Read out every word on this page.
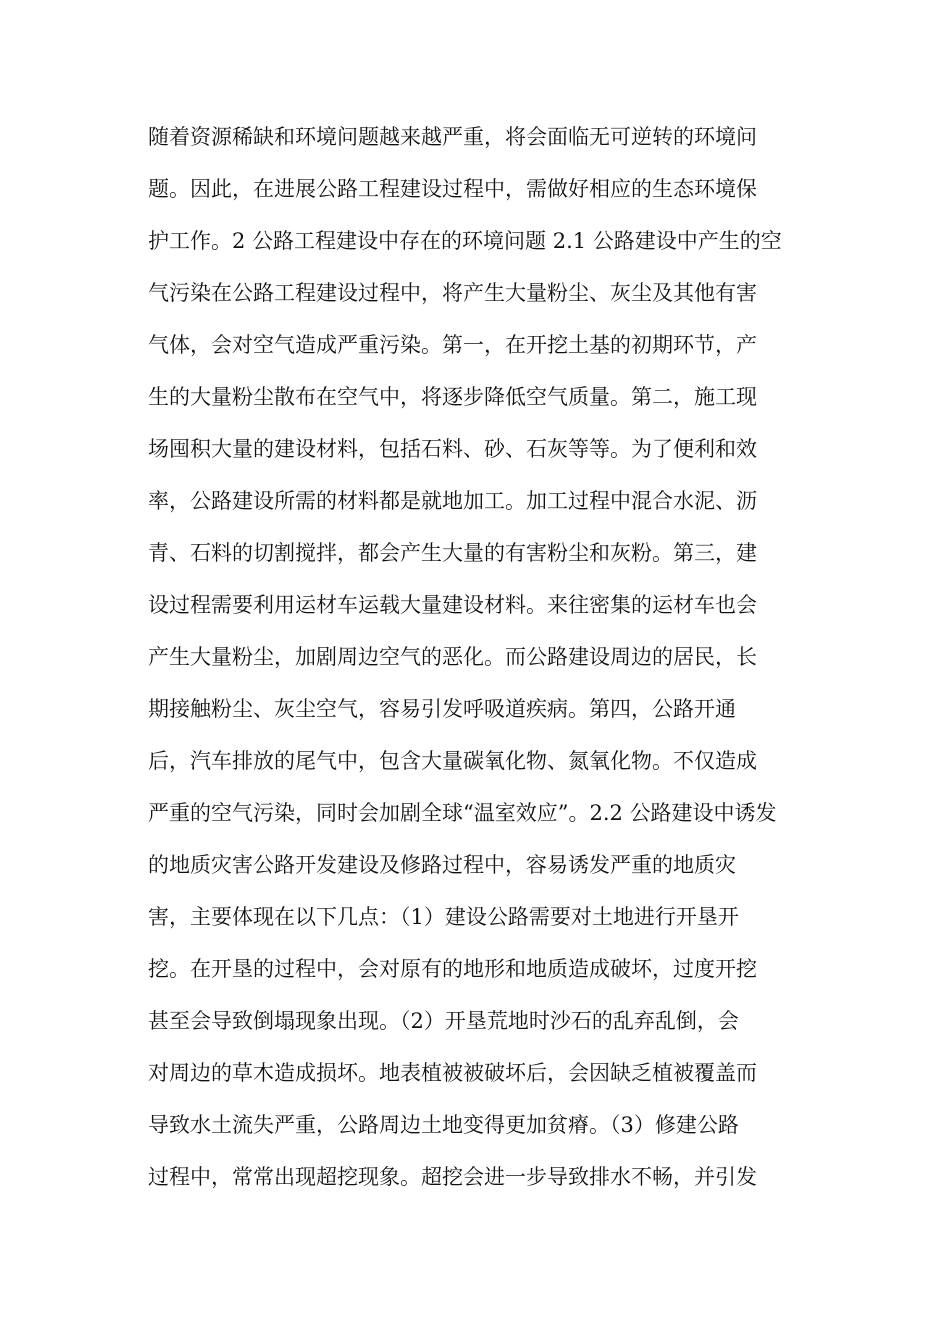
随着资源稀缺和环境问题越来越严重，将会面临无可逆转的环境问
题。因此，在进展公路工程建设过程中，需做好相应的生态环境保
护工作。2 公路工程建设中存在的环境问题 2.1 公路建设中产生的空
气污染在公路工程建设过程中，将产生大量粉尘、灰尘及其他有害
气体，会对空气造成严重污染。第一，在开挖土基的初期环节，产
生的大量粉尘散布在空气中，将逐步降低空气质量。第二，施工现
场囤积大量的建设材料，包括石料、砂、石灰等等。为了便利和效
率，公路建设所需的材料都是就地加工。加工过程中混合水泥、沥
青、石料的切割搅拌，都会产生大量的有害粉尘和灰粉。第三，建
设过程需要利用运材车运载大量建设材料。来往密集的运材车也会
产生大量粉尘，加剧周边空气的恶化。而公路建设周边的居民，长
期接触粉尘、灰尘空气，容易引发呼吸道疾病。第四，公路开通
后，汽车排放的尾气中，包含大量碳氧化物、氮氧化物。不仅造成
严重的空气污染，同时会加剧全球“温室效应”。2.2 公路建设中诱发
的地质灾害公路开发建设及修路过程中，容易诱发严重的地质灾
害，主要体现在以下几点：（1）建设公路需要对土地进行开垦开
挖。在开垦的过程中，会对原有的地形和地质造成破坏，过度开挖
甚至会导致倒塌现象出现。（2）开垦荒地时沙石的乱弃乱倒，会
对周边的草木造成损坏。地表植被被破坏后，会因缺乏植被覆盖而
导致水土流失严重，公路周边土地变得更加贫瘠。（3）修建公路
过程中，常常出现超挖现象。超挖会进一步导致排水不畅，并引发
